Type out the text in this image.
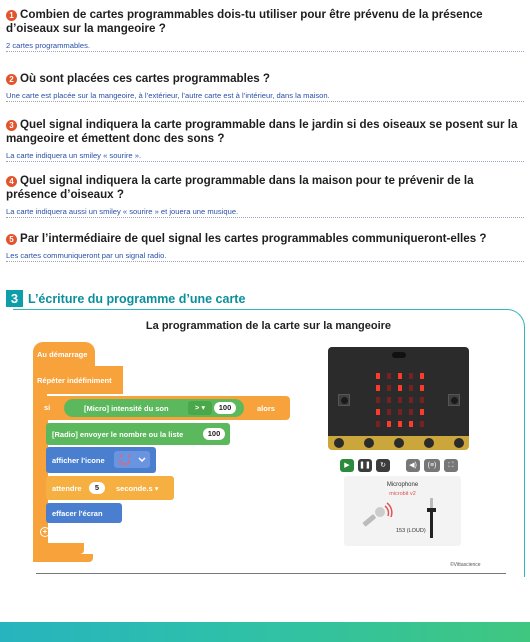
1 Combien de cartes programmables dois-tu utiliser pour être prévenu de la présence d’oiseaux sur la mangeoire ?
2 cartes programmables.
2 Où sont placées ces cartes programmables ?
Une carte est placée sur la mangeoire, à l’extérieur, l’autre carte est à l’intérieur, dans la maison.
3 Quel signal indiquera la carte programmable dans le jardin si des oiseaux se posent sur la mangeoire et émettent donc des sons ?
La carte indiquera un smiley « sourire ».
4 Quel signal indiquera la carte programmable dans la maison pour te prévenir de la présence d’oiseaux ?
La carte indiquera aussi un smiley « sourire » et jouera une musique.
5 Par l’intermédiaire de quel signal les cartes programmables communiqueront-elles ?
Les cartes communiqueront par un signal radio.
3 L’écriture du programme d’une carte
La programmation de la carte sur la mangeoire
Au démarrage
Répéter indéfiniment
si	[Micro] intensité du son	> ▾	100	alors
[Radio] envoyer le nombre ou la liste	100
afficher l'icone
attendre	5	seconde.s ▾
effacer l'écran
+
▶	❚❚	↻	◀)	(≡)	⛶
Microphone
microbit v2
153 (LOUD)
©Vittascience
